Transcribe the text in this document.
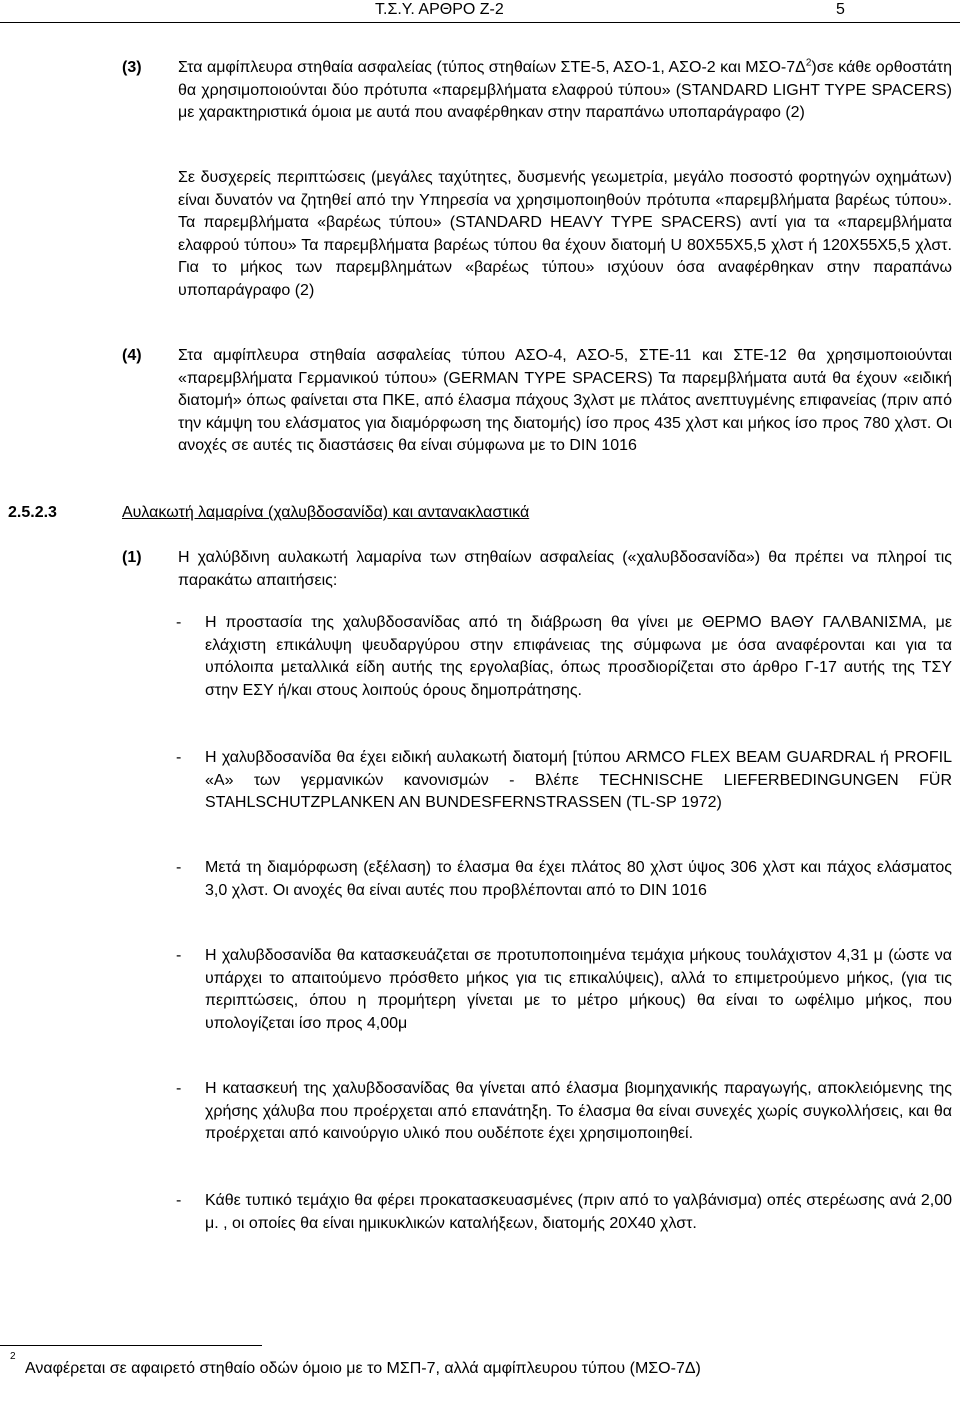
Τ.Σ.Υ. ΑΡΘΡΟ Ζ-2	5
(3) Στα αμφίπλευρα στηθαία ασφαλείας (τύπος στηθαίων ΣΤΕ-5, ΑΣΟ-1, ΑΣΟ-2 και ΜΣΟ-$7\Delta^2)\sigma\varepsilon$ κάθε ορθοστάτη θα χρησιμοποιούνται δύο πρότυπα «παρεμβλήματα ελαφρού τύπου» (STANDARD LIGHT TYPE SPACERS) με χαρακτηριστικά όμοια με αυτά που αναφέρθηκαν στην παραπάνω υποπαράγραφο (2)

Σε δυσχερείς περιπτώσεις (μεγάλες ταχύτητες, δυσμενής γεωμετρία, μεγάλο ποσοστό φορτηγών οχημάτων) είναι δυνατόν να ζητηθεί από την Υπηρεσία να χρησιμοποιηθούν πρότυπα «παρεμβλήματα βαρέως τύπου». Τα παρεμβλήματα «βαρέως τύπου» (STANDARD HEAVY TYPE SPACERS) αντί για τα «παρεμβλήματα ελαφρού τύπου» Τα παρεμβλήματα βαρέως τύπου θα έχουν διατομή U 80X55X5,5 χλστ ή 120X55X5,5 χλστ. Για το μήκος των παρεμβλημάτων «βαρέως τύπου» ισχύουν όσα αναφέρθηκαν στην παραπάνω υποπαράγραφο (2)

(4) Στα αμφίπλευρα στηθαία ασφαλείας τύπου ΑΣΟ-4, ΑΣΟ-5, ΣΤΕ-11 και ΣΤΕ-12 θα χρησιμοποιούνται «παρεμβλήματα Γερμανικού τύπου» (GERMAN TYPE SPACERS) Τα παρεμβλήματα αυτά θα έχουν «ειδική διατομή» όπως φαίνεται στα ΠΚΕ, από έλασμα πάχους 3χλστ με πλάτος ανεπτυγμένης επιφανείας (πριν από την κάμψη του ελάσματος για διαμόρφωση της διατομής) ίσο προς 435 χλστ και μήκος ίσο προς 780 χλστ. Οι ανοχές σε αυτές τις διαστάσεις θα είναι σύμφωνα με το DIN 1016

2.5.2.3	Αυλακωτή λαμαρίνα (χαλυβδοσανίδα) και αντανακλαστικά
(1) Η χαλύβδινη αυλακωτή λαμαρίνα των στηθαίων ασφαλείας («χαλυβδοσανίδα») θα πρέπει να πληροί τις παρακάτω απαιτήσεις:

- Η προστασία της χαλυβδοσανίδας από τη διάβρωση θα γίνει με ΘΕΡΜΟ ΒΑΘΥ ΓΑΛΒΑΝΙΣΜΑ, με ελάχιστη επικάλυψη ψευδαργύρου στην επιφάνειας της σύμφωνα με όσα αναφέρονται και για τα υπόλοιπα μεταλλικά είδη αυτής της εργολαβίας, όπως προσδιορίζεται στο άρθρο Γ-17 αυτής της ΤΣΥ στην ΕΣΥ ή/και στους λοιπούς όρους δημοπράτησης.

- Η χαλυβδοσανίδα θα έχει ειδική αυλακωτή διατομή [τύπου ARMCO FLEX BEAM GUARDRAL ή PROFIL «Α» των γερμανικών κανονισμών - Βλέπε TECHNISCHE LIEFERBEDINGUNGEN FÜR STAHLSCHUTZPLANKEN AN BUNDESFERNSTRASSEN (TL-SP 1972)

- Μετά τη διαμόρφωση (εξέλαση) το έλασμα θα έχει πλάτος 80 χλστ ύψος 306 χλστ και πάχος ελάσματος 3,0 χλστ. Οι ανοχές θα είναι αυτές που προβλέπονται από το DIN 1016

- Η χαλυβδοσανίδα θα κατασκευάζεται σε προτυποποιημένα τεμάχια μήκους τουλάχιστον 4,31 μ (ώστε να υπάρχει το απαιτούμενο πρόσθετο μήκος για τις επικαλύψεις), αλλά το επιμετρούμενο μήκος, (για τις περιπτώσεις, όπου η προμήτερη γίνεται με το μέτρο μήκους) θα είναι το ωφέλιμο μήκος, που υπολογίζεται ίσο προς 4,00μ

- Η κατασκευή της χαλυβδοσανίδας θα γίνεται από έλασμα βιομηχανικής παραγωγής, αποκλειόμενης της χρήσης χάλυβα που προέρχεται από επανάτηξη. Το έλασμα θα είναι συνεχές χωρίς συγκολλήσεις, και θα προέρχεται από καινούργιο υλικό που ουδέποτε έχει χρησιμοποιηθεί.

- Κάθε τυπικό τεμάχιο θα φέρει προκατασκευασμένες (πριν από το γαλβάνισμα) οπές στερέωσης ανά 2,00 μ. , οι οποίες θα είναι ημικυκλικών καταλήξεων, διατομής 20Χ40 χλστ.

2
Αναφέρεται σε αφαιρετό στηθαίο οδών όμοιο με το ΜΣΠ-7, αλλά αμφίπλευρου τύπου (ΜΣΟ-7Δ)
